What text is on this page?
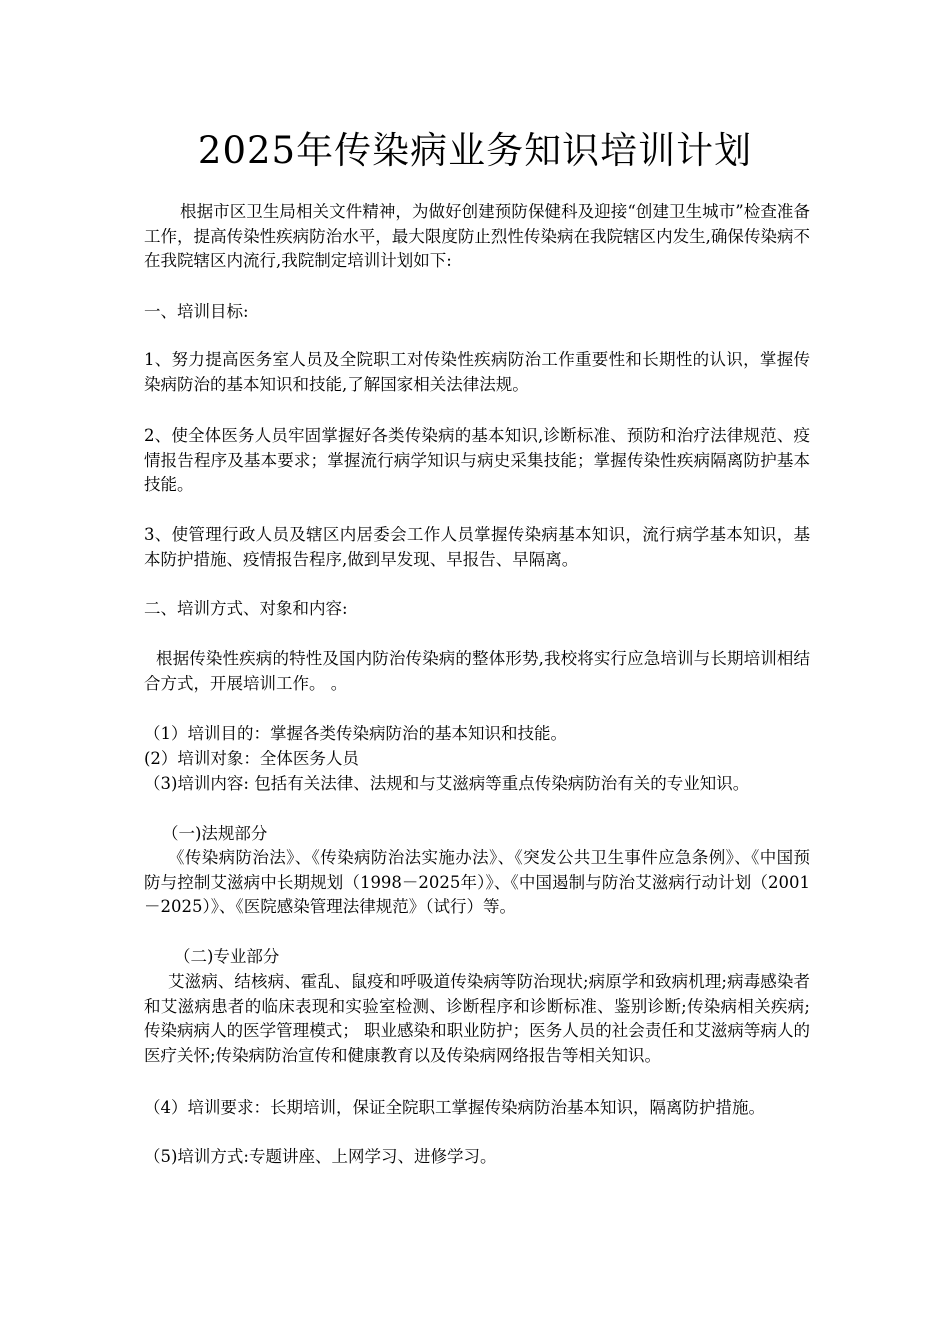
2025年传染病业务知识培训计划
根据市区卫生局相关文件精神，为做好创建预防保健科及迎接“创建卫生城市”检查准备工作，提高传染性疾病防治水平，最大限度防止烈性传染病在我院辖区内发生,确保传染病不在我院辖区内流行,我院制定培训计划如下:
一、培训目标:
1、努力提高医务室人员及全院职工对传染性疾病防治工作重要性和长期性的认识，掌握传染病防治的基本知识和技能,了解国家相关法律法规。
2、使全体医务人员牢固掌握好各类传染病的基本知识,诊断标准、预防和治疗法律规范、疫情报告程序及基本要求；掌握流行病学知识与病史采集技能；掌握传染性疾病隔离防护基本技能。
3、使管理行政人员及辖区内居委会工作人员掌握传染病基本知识，流行病学基本知识，基本防护措施、疫情报告程序,做到早发现、早报告、早隔离。
二、培训方式、对象和内容:
根据传染性疾病的特性及国内防治传染病的整体形势,我校将实行应急培训与长期培训相结合方式，开展培训工作。 。
（1）培训目的：掌握各类传染病防治的基本知识和技能。
(2）培训对象：全体医务人员
（3)培训内容: 包括有关法律、法规和与艾滋病等重点传染病防治有关的专业知识。
（一)法规部分
《传染病防治法》、《传染病防治法实施办法》、《突发公共卫生事件应急条例》、《中国预防与控制艾滋病中长期规划（1998－2025年）》、《中国遏制与防治艾滋病行动计划（2001－2025）》、《医院感染管理法律规范》（试行）等。
（二)专业部分
艾滋病、结核病、霍乱、鼠疫和呼吸道传染病等防治现状;病原学和致病机理;病毒感染者和艾滋病患者的临床表现和实验室检测、诊断程序和诊断标准、鉴别诊断;传染病相关疾病;传染病病人的医学管理模式； 职业感染和职业防护；医务人员的社会责任和艾滋病等病人的医疗关怀;传染病防治宣传和健康教育以及传染病网络报告等相关知识。
（4）培训要求：长期培训，保证全院职工掌握传染病防治基本知识，隔离防护措施。
（5)培训方式:专题讲座、上网学习、进修学习。
